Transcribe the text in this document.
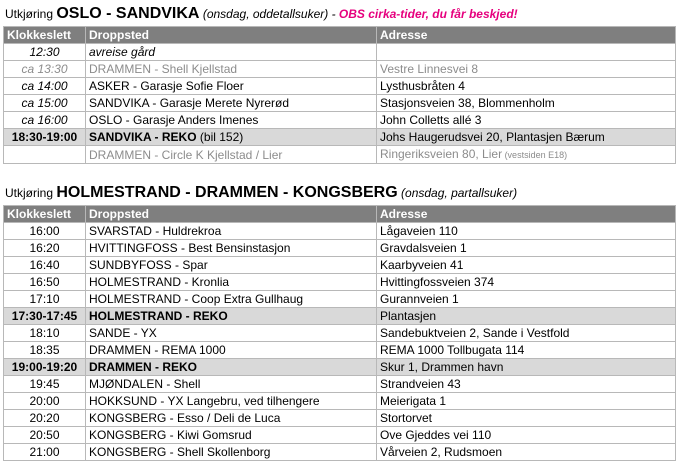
Utkjøring OSLO - SANDVIKA (onsdag, oddetallsuker) - OBS cirka-tider, du får beskjed!
Klokkeslett	Droppsted	Adresse
12:30	avreise gård	
ca 13:30	DRAMMEN - Shell Kjellstad	Vestre Linnesvei 8
ca 14:00	ASKER - Garasje Sofie Floer	Lysthusbråten 4
ca 15:00	SANDVIKA - Garasje Merete Nyrerød	Stasjonsveien 38, Blommenholm
ca 16:00	OSLO - Garasje Anders Imenes	John Colletts allé 3
18:30-19:00	SANDVIKA - REKO (bil 152)	Johs Haugerudsvei 20, Plantasjen Bærum
	DRAMMEN - Circle K Kjellstad / Lier	Ringeriksveien 80, Lier (vestsiden E18)
Utkjøring HOLMESTRAND - DRAMMEN - KONGSBERG (onsdag, partallsuker)
Klokkeslett	Droppsted	Adresse
16:00	SVARSTAD - Huldrekroa	Lågaveien 110
16:20	HVITTINGFOSS - Best Bensinstasjon	Gravdalsveien 1
16:40	SUNDBYFOSS - Spar	Kaarbyveien 41
16:50	HOLMESTRAND - Kronlia	Hvittingfossveien 374
17:10	HOLMESTRAND - Coop Extra Gullhaug	Gurannveien 1
17:30-17:45	HOLMESTRAND - REKO	Plantasjen
18:10	SANDE - YX	Sandebuktveien 2, Sande i Vestfold
18:35	DRAMMEN - REMA 1000	REMA 1000 Tollbugata 114
19:00-19:20	DRAMMEN - REKO	Skur 1, Drammen havn
19:45	MJØNDALEN - Shell	Strandveien 43
20:00	HOKKSUND - YX Langebru, ved tilhengere	Meierigata 1
20:20	KONGSBERG - Esso / Deli de Luca	Stortorvet
20:50	KONGSBERG - Kiwi Gomsrud	Ove Gjeddes vei 110
21:00	KONGSBERG - Shell Skollenborg	Vårveien 2, Rudsmoen
